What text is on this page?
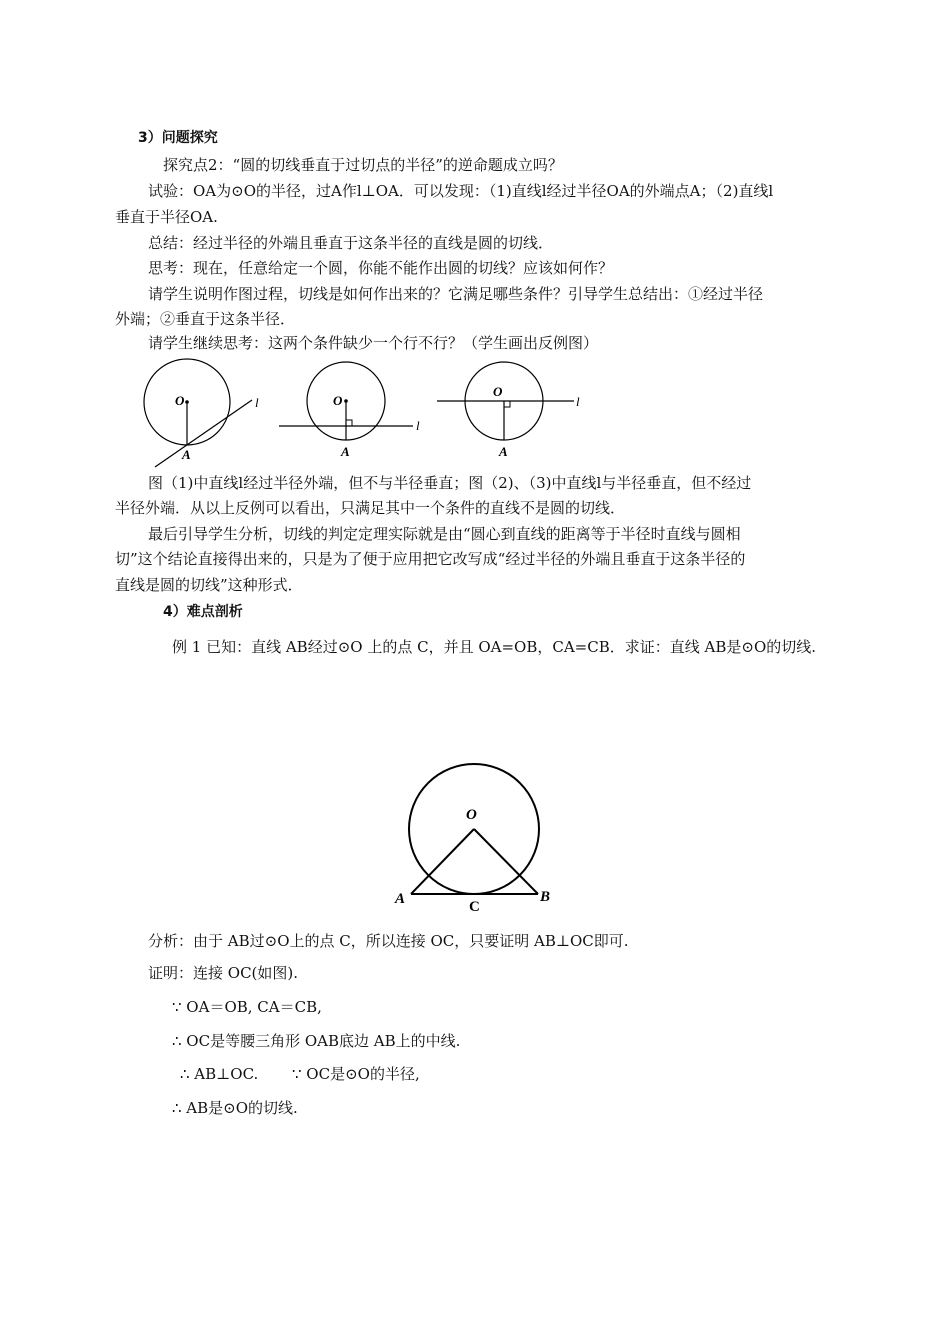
3）问题探究
探究点2：“圆的切线垂直于过切点的半径”的逆命题成立吗？
试验：OA为⊙O的半径，过A作l⊥OA．可以发现：（1)直线l经过半径OA的外端点A；（2)直线l
垂直于半径OA.
总结：经过半径的外端且垂直于这条半径的直线是圆的切线．
思考：现在，任意给定一个圆，你能不能作出圆的切线？应该如何作？
请学生说明作图过程，切线是如何作出来的？它满足哪些条件？引导学生总结出：①经过半径
外端；②垂直于这条半径．
请学生继续思考：这两个条件缺少一个行不行？（学生画出反例图）
O
A
l	O
A
l
O
A
l
图（1)中直线l经过半径外端，但不与半径垂直；图（2)、（3)中直线l与半径垂直，但不经过
半径外端．从以上反例可以看出，只满足其中一个条件的直线不是圆的切线．
最后引导学生分析，切线的判定定理实际就是由“圆心到直线的距离等于半径时直线与圆相
切”这个结论直接得出来的，只是为了便于应用把它改写成“经过半径的外端且垂直于这条半径的
直线是圆的切线”这种形式．
4）难点剖析
例 1 已知：直线 AB经过⊙O 上的点 C，并且 OA=OB，CA=CB．求证：直线 AB是⊙O的切线.
O
A	B
C
分析：由于 AB过⊙O上的点 C，所以连接 OC，只要证明 AB⊥OC即可.
证明：连接 OC(如图).
∵ OA＝OB, CA＝CB,
∴ OC是等腰三角形 OAB底边 AB上的中线.
∴ AB⊥OC. ∵ OC是⊙O的半径,
∴ AB是⊙O的切线.
